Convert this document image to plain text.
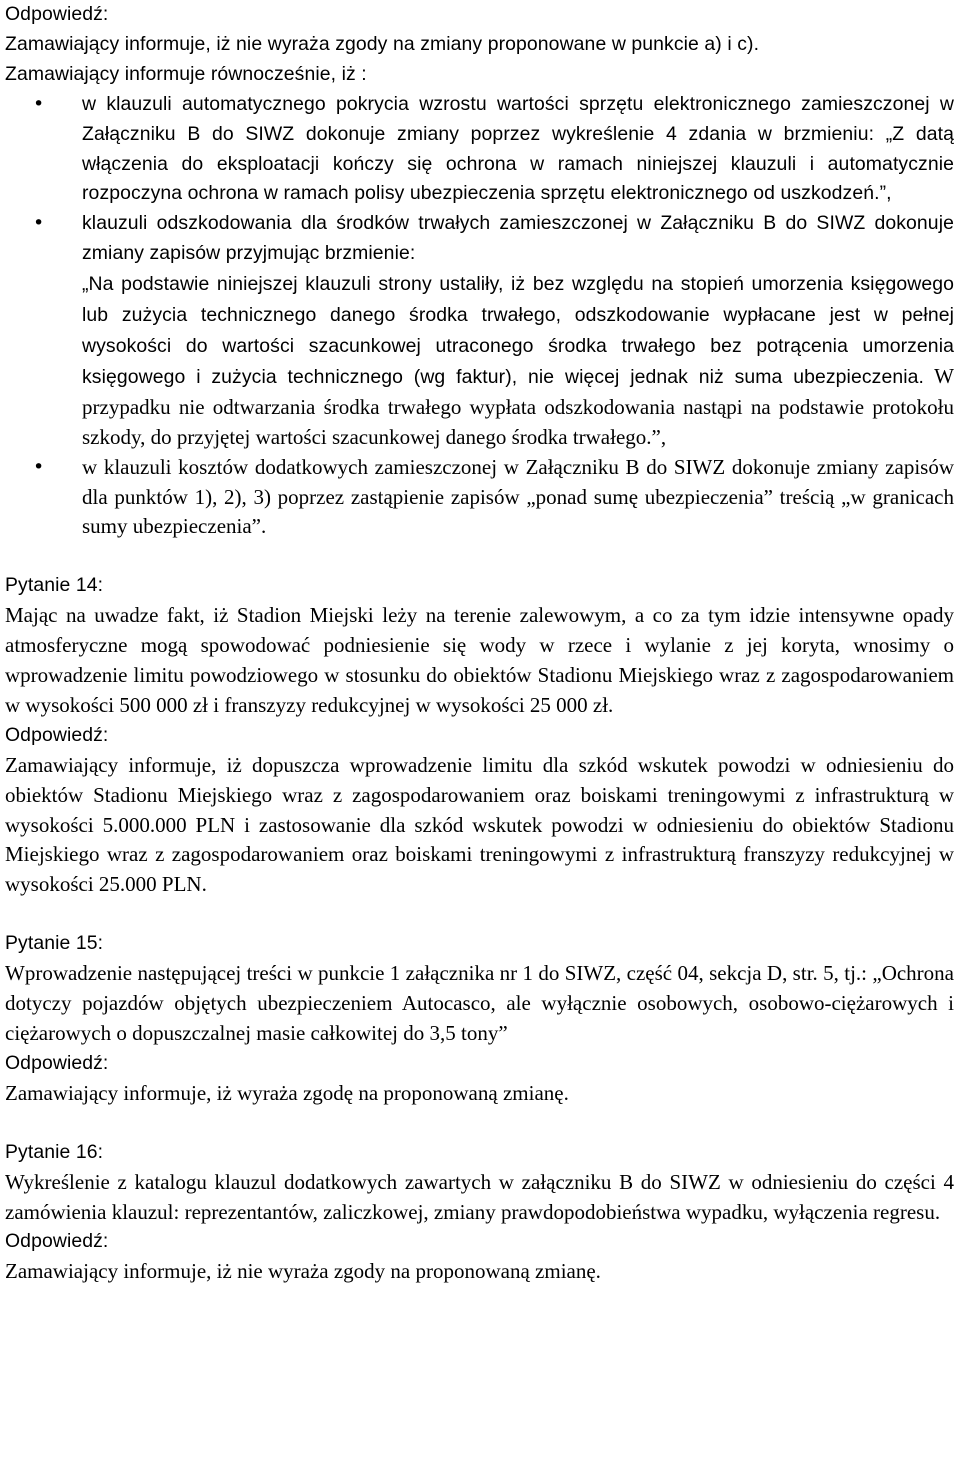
Odpowiedź:

Zamawiający informuje, iż nie wyraża zgody na zmiany proponowane w punkcie a) i c).

Zamawiający informuje równocześnie, iż :

• w klauzuli automatycznego pokrycia wzrostu wartości sprzętu elektronicznego zamieszczonej w Załączniku B do SIWZ dokonuje zmiany poprzez wykreślenie 4 zdania w brzmieniu: „Z datą włączenia do eksploatacji kończy się ochrona w ramach niniejszej klauzuli i automatycznie rozpoczyna ochrona w ramach polisy ubezpieczenia sprzętu elektronicznego od uszkodzeń.”,
• klauzuli odszkodowania dla środków trwałych zamieszczonej w Załączniku B do SIWZ dokonuje zmiany zapisów przyjmując brzmienie:
„Na podstawie niniejszej klauzuli strony ustaliły, iż bez względu na stopień umorzenia księgowego lub zużycia technicznego danego środka trwałego, odszkodowanie wypłacane jest w pełnej wysokości do wartości szacunkowej utraconego środka trwałego bez potrącenia umorzenia księgowego i zużycia technicznego (wg faktur), nie więcej jednak niż suma ubezpieczenia. W przypadku nie odtwarzania środka trwałego wypłata odszkodowania nastąpi na podstawie protokołu szkody, do przyjętej wartości szacunkowej danego środka trwałego.”,
• w klauzuli kosztów dodatkowych zamieszczonej w Załączniku B do SIWZ dokonuje zmiany zapisów dla punktów 1), 2), 3) poprzez zastąpienie zapisów „ponad sumę ubezpieczenia” treścią „w granicach sumy ubezpieczenia”.
Pytanie 14:

Mając na uwadze fakt, iż Stadion Miejski leży na terenie zalewowym, a co za tym idzie intensywne opady atmosferyczne mogą spowodować podniesienie się wody w rzece i wylanie z jej koryta, wnosimy o wprowadzenie limitu powodziowego w stosunku do obiektów Stadionu Miejskiego wraz z zagospodarowaniem w wysokości 500 000 zł i franszyzy redukcyjnej w wysokości 25 000 zł.

Odpowiedź:

Zamawiający informuje, iż dopuszcza wprowadzenie limitu dla szkód wskutek powodzi w odniesieniu do obiektów Stadionu Miejskiego wraz z zagospodarowaniem oraz boiskami treningowymi z infrastrukturą w wysokości 5.000.000 PLN i zastosowanie dla szkód wskutek powodzi w odniesieniu do obiektów Stadionu Miejskiego wraz z zagospodarowaniem oraz boiskami treningowymi z infrastrukturą franszyzy redukcyjnej w wysokości 25.000 PLN.

Pytanie 15:

Wprowadzenie następującej treści w punkcie 1 załącznika nr 1 do SIWZ, część 04, sekcja D, str. 5, tj.: „Ochrona dotyczy pojazdów objętych ubezpieczeniem Autocasco, ale wyłącznie osobowych, osobowo-ciężarowych i ciężarowych o dopuszczalnej masie całkowitej do 3,5 tony”

Odpowiedź:

Zamawiający informuje, iż wyraża zgodę na proponowaną zmianę.

Pytanie 16:

Wykreślenie z katalogu klauzul dodatkowych zawartych w załączniku B do SIWZ w odniesieniu do części 4 zamówienia klauzul: reprezentantów, zaliczkowej, zmiany prawdopodobieństwa wypadku, wyłączenia regresu.

Odpowiedź:

Zamawiający informuje, iż nie wyraża zgody na proponowaną zmianę.
